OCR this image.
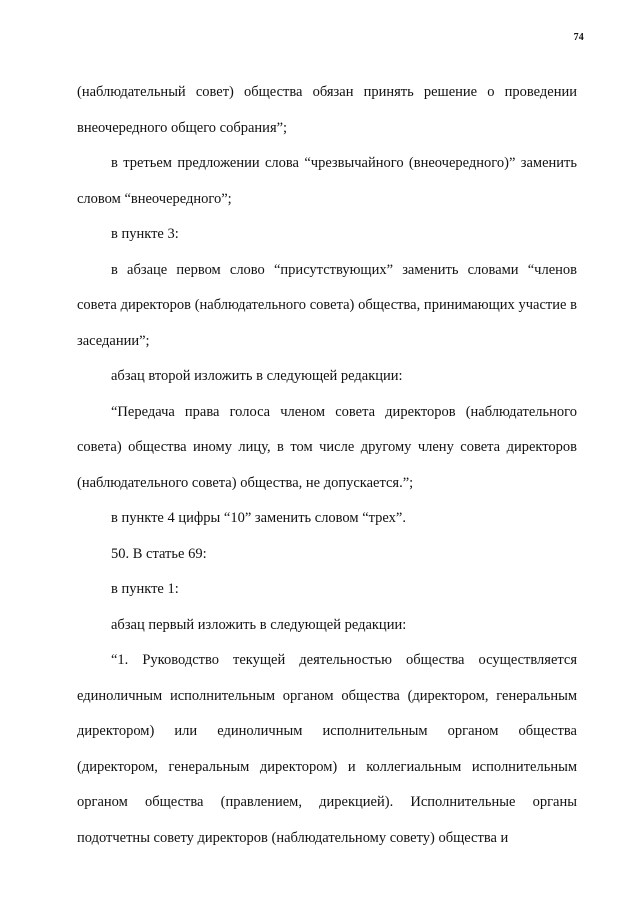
74

(наблюдательный совет) общества обязан принять решение о проведении внеочередного общего собрания”;

в третьем предложении слова “чрезвычайного (внеочередного)” заменить словом “внеочередного”;

в пункте 3:

в абзаце первом слово “присутствующих” заменить словами “членов совета директоров (наблюдательного совета) общества, принимающих участие в заседании”;

абзац второй изложить в следующей редакции:

“Передача права голоса членом совета директоров (наблюдательного совета) общества иному лицу, в том числе другому члену совета директоров (наблюдательного совета) общества, не допускается.”;

в пункте 4 цифры “10” заменить словом “трех”.

50. В статье 69:

в пункте 1:

абзац первый изложить в следующей редакции:

“1. Руководство текущей деятельностью общества осуществляется единоличным исполнительным органом общества (директором, генеральным директором) или единоличным исполнительным органом общества (директором, генеральным директором) и коллегиальным исполнительным органом общества (правлением, дирекцией). Исполнительные органы подотчетны совету директоров (наблюдательному совету) общества и
